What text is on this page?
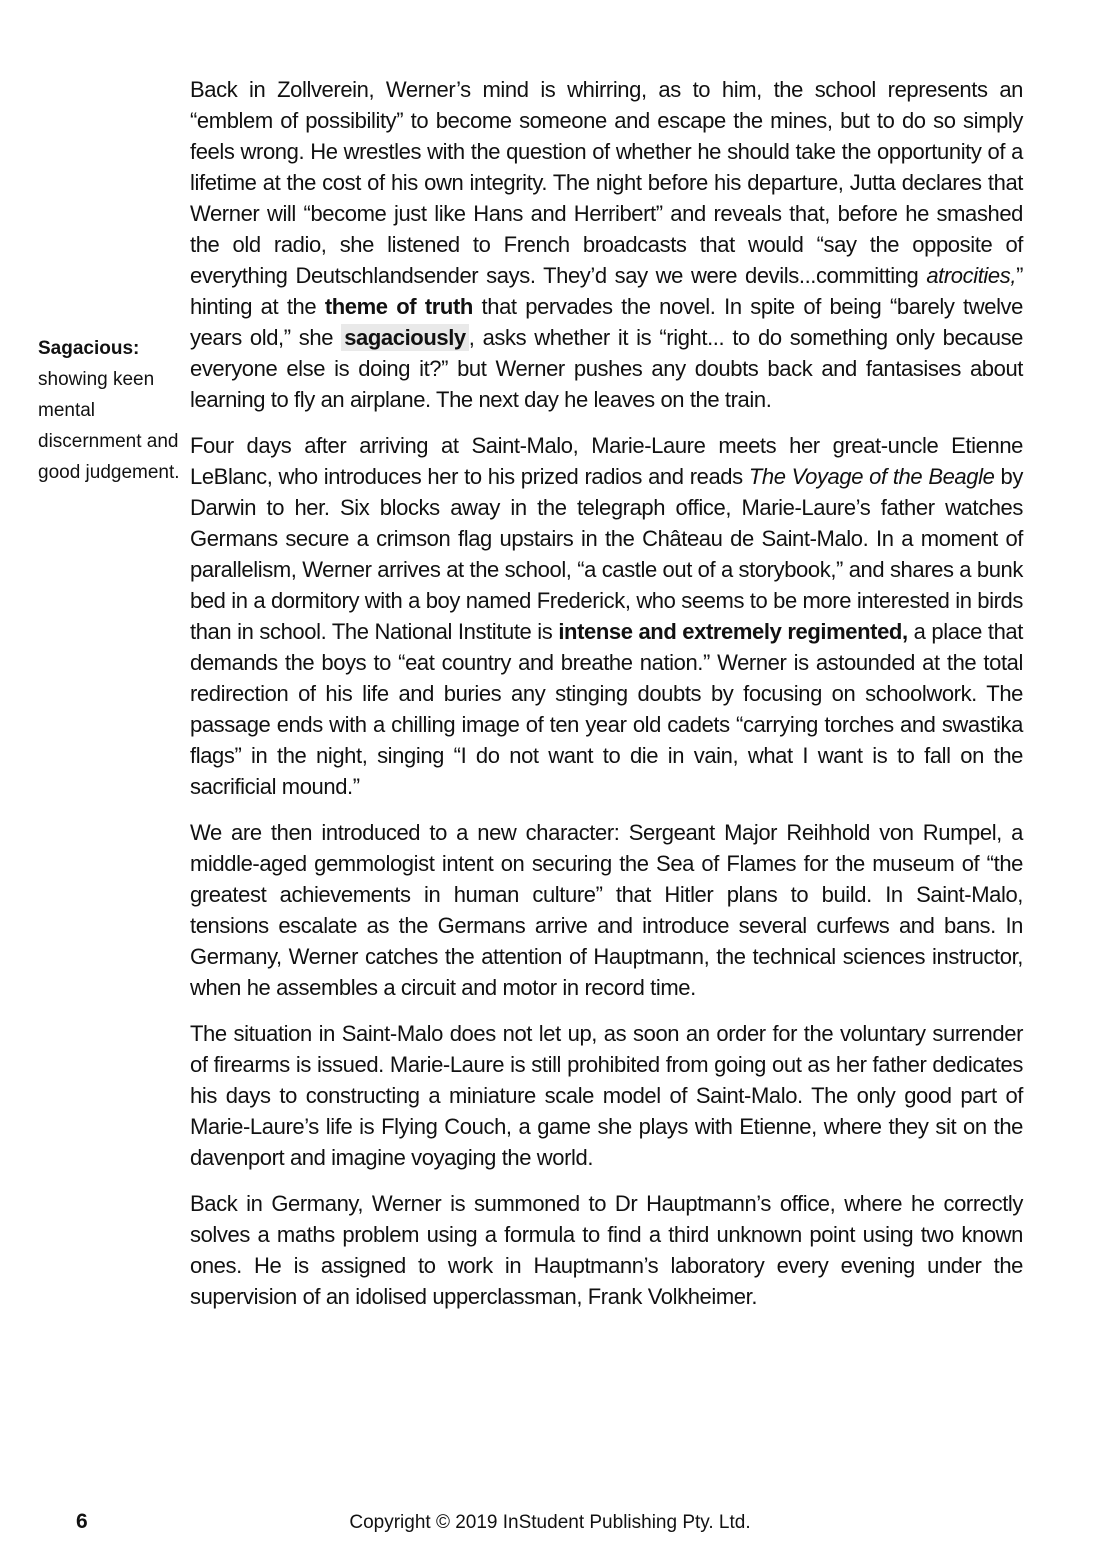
Sagacious:
showing keen mental discernment and good judgement.

Back in Zollverein, Werner’s mind is whirring, as to him, the school represents an “emblem of possibility” to become someone and escape the mines, but to do so simply feels wrong. He wrestles with the question of whether he should take the opportunity of a lifetime at the cost of his own integrity. The night before his departure, Jutta declares that Werner will “become just like Hans and Herribert” and reveals that, before he smashed the old radio, she listened to French broadcasts that would “say the opposite of everything Deutschlandsender says. They’d say we were devils...committing atrocities,” hinting at the theme of truth that pervades the novel. In spite of being “barely twelve years old,” she sagaciously , asks whether it is “right... to do something only because everyone else is doing it?” but Werner pushes any doubts back and fantasises about learning to fly an airplane. The next day he leaves on the train.

Four days after arriving at Saint-Malo, Marie-Laure meets her great-uncle Etienne LeBlanc, who introduces her to his prized radios and reads The Voyage of the Beagle by Darwin to her. Six blocks away in the telegraph office, Marie-Laure’s father watches Germans secure a crimson flag upstairs in the Château de Saint-Malo. In a moment of parallelism, Werner arrives at the school, “a castle out of a storybook,” and shares a bunk bed in a dormitory with a boy named Frederick, who seems to be more interested in birds than in school. The National Institute is intense and extremely regimented, a place that demands the boys to “eat country and breathe nation.” Werner is astounded at the total redirection of his life and buries any stinging doubts by focusing on schoolwork. The passage ends with a chilling image of ten year old cadets “carrying torches and swastika flags” in the night, singing “I do not want to die in vain, what I want is to fall on the sacrificial mound.”

We are then introduced to a new character: Sergeant Major Reihhold von Rumpel, a middle-aged gemmologist intent on securing the Sea of Flames for the museum of “the greatest achievements in human culture” that Hitler plans to build. In Saint-Malo, tensions escalate as the Germans arrive and introduce several curfews and bans. In Germany, Werner catches the attention of Hauptmann, the technical sciences instructor, when he assembles a circuit and motor in record time.

The situation in Saint-Malo does not let up, as soon an order for the voluntary surrender of firearms is issued. Marie-Laure is still prohibited from going out as her father dedicates his days to constructing a miniature scale model of Saint-Malo. The only good part of Marie-Laure’s life is Flying Couch, a game she plays with Etienne, where they sit on the davenport and imagine voyaging the world.

Back in Germany, Werner is summoned to Dr Hauptmann’s office, where he correctly solves a maths problem using a formula to find a third unknown point using two known ones. He is assigned to work in Hauptmann’s laboratory every evening under the supervision of an idolised upperclassman, Frank Volkheimer.

6	Copyright © 2019 InStudent Publishing Pty. Ltd.
